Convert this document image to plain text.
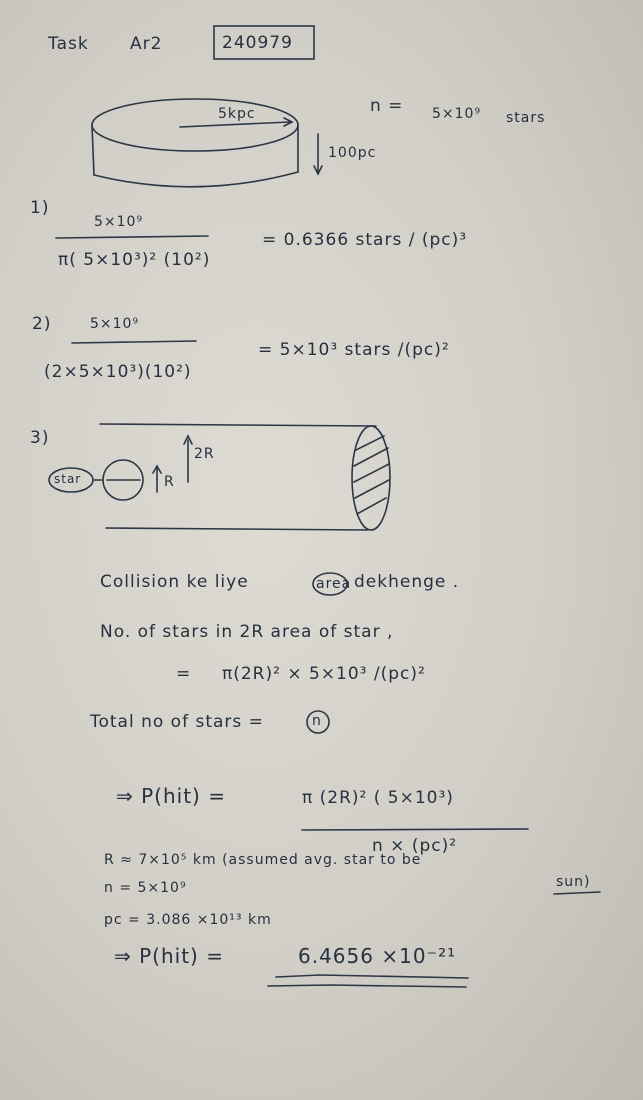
Task Ar2	240979
5kpc
100pc
n = 5×10⁹ stars
1)
5×10⁹
π( 5×10³)² (10²)
= 0.6366 stars / (pc)³
2)	5×10⁹
(2×5×10³)(10²)
= 5×10³ stars /(pc)²
3)
star	R
2R
Collision ke liye	area dekhenge .
No. of stars in 2R area of star ,
= π(2R)² × 5×10³ /(pc)²
Total no of stars =	n
⇒ P(hit) =	π (2R)² ( 5×10³)
n × (pc)²
R ≈ 7×10⁵ km (assumed avg. star to be
sun)
n = 5×10⁹
pc = 3.086 ×10¹³ km
⇒ P(hit) =	6.4656 ×10⁻²¹
